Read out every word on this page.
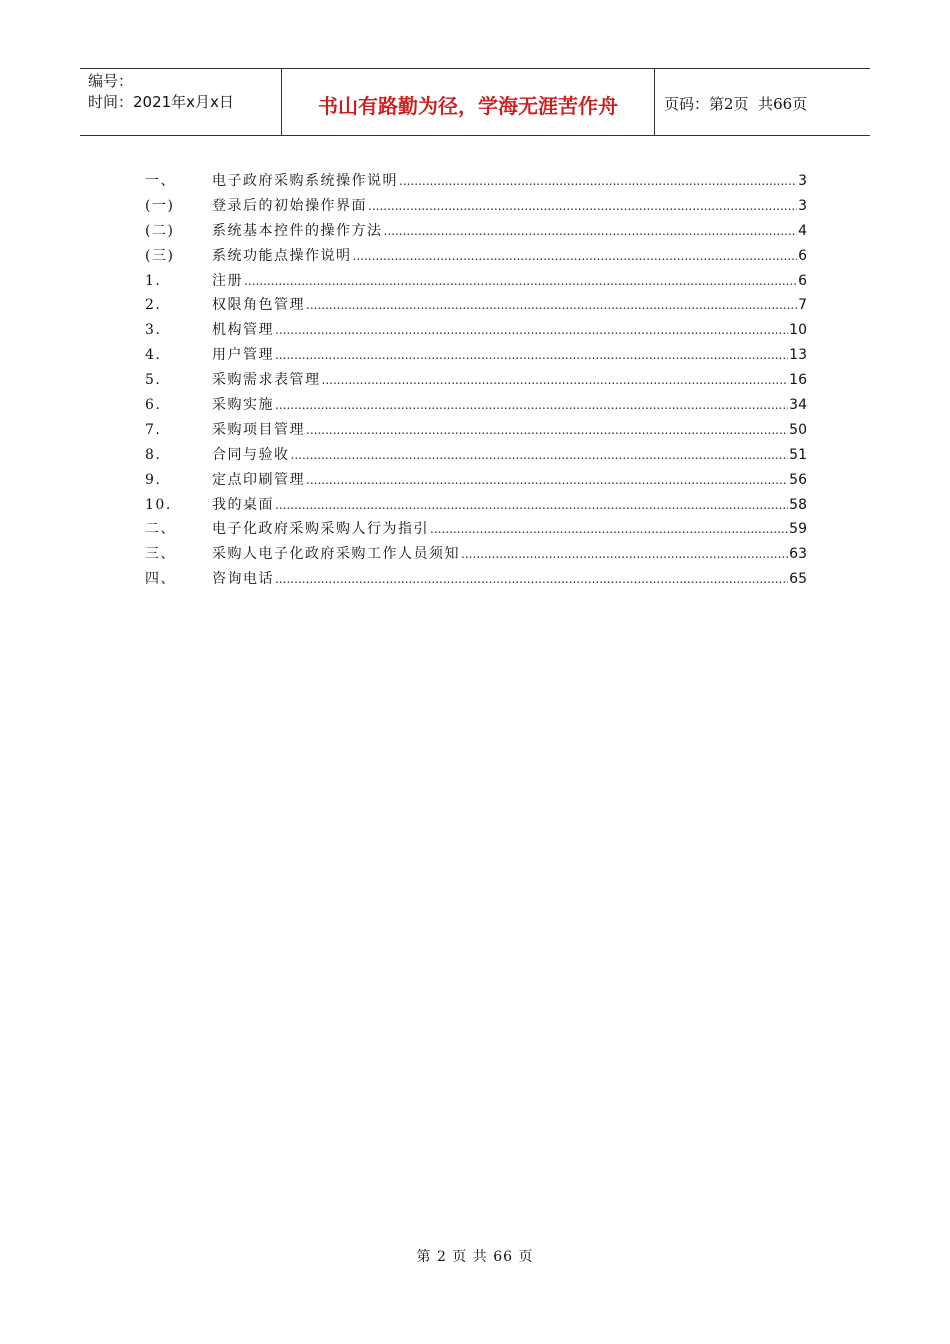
编号：
时间：2021年x月x日	书山有路勤为径，学海无涯苦作舟	页码：第2页  共66页
一、	电子政府采购系统操作说明 .....	3
(一)	登录后的初始操作界面 .....	3
(二)	系统基本控件的操作方法 .....	4
(三)	系统功能点操作说明 .....	6
1.	注册 .....	6
2.	权限角色管理 .....	7
3.	机构管理 .....	10
4.	用户管理 .....	13
5.	采购需求表管理 .....	16
6.	采购实施 .....	34
7.	采购项目管理 .....	50
8.	合同与验收 .....	51
9.	定点印刷管理 .....	56
10.	我的桌面 .....	58
二、	电子化政府采购采购人行为指引 .....	59
三、	采购人电子化政府采购工作人员须知 .....	63
四、	咨询电话 .....	65
第 2 页 共 66 页
